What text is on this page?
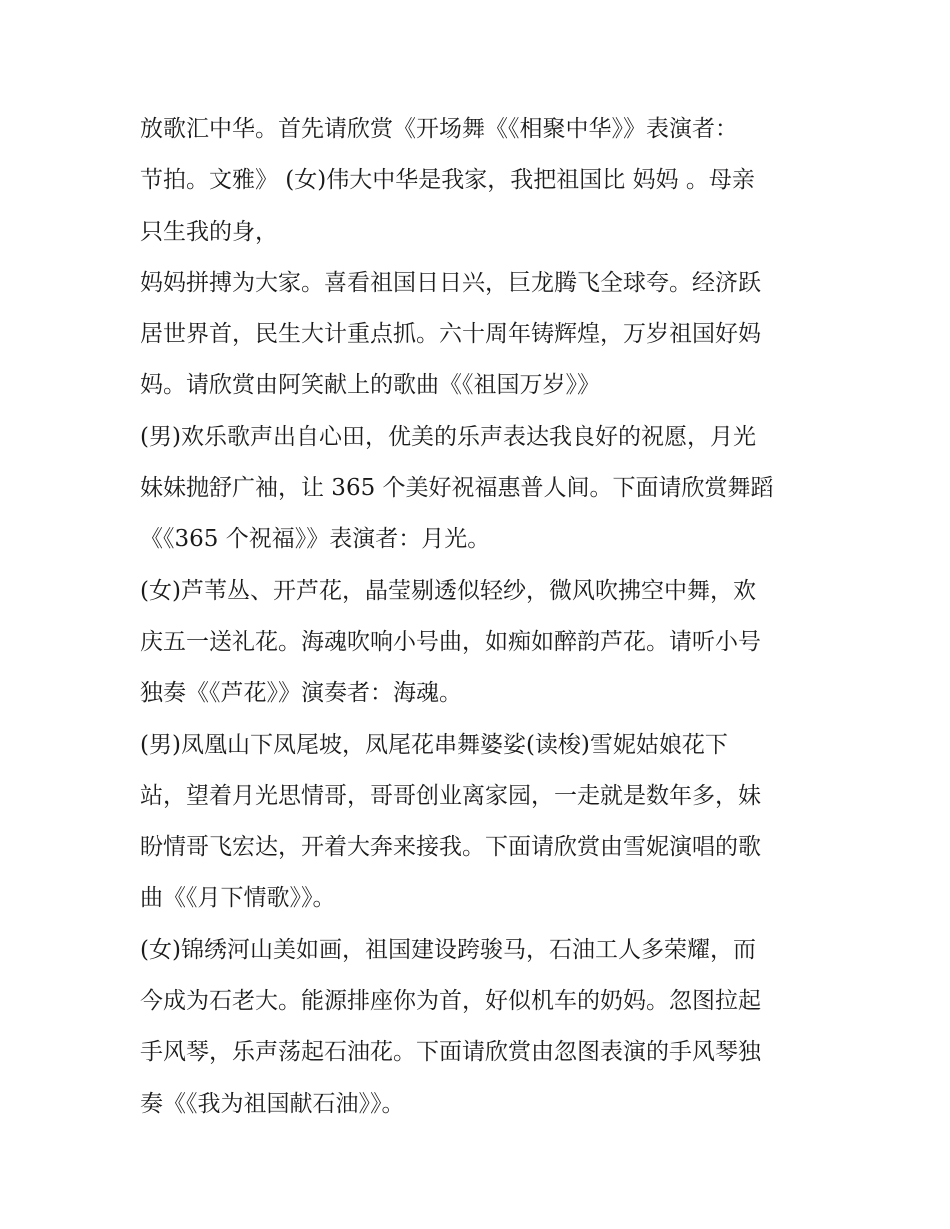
放歌汇中华。首先请欣赏《开场舞《《相聚中华》》表演者：
节拍。文雅》 (女)伟大中华是我家，我把祖国比 妈妈 。母亲
只生我的身，
妈妈拼搏为大家。喜看祖国日日兴，巨龙腾飞全球夸。经济跃
居世界首，民生大计重点抓。六十周年铸辉煌，万岁祖国好妈
妈。请欣赏由阿笑献上的歌曲《《祖国万岁》》
(男)欢乐歌声出自心田，优美的乐声表达我良好的祝愿，月光
妹妹抛舒广袖，让 365 个美好祝福惠普人间。下面请欣赏舞蹈
《《365 个祝福》》表演者：月光。
(女)芦苇丛、开芦花，晶莹剔透似轻纱，微风吹拂空中舞，欢
庆五一送礼花。海魂吹响小号曲，如痴如醉韵芦花。请听小号
独奏《《芦花》》演奏者：海魂。
(男)凤凰山下凤尾坡，凤尾花串舞婆娑(读梭)雪妮姑娘花下
站，望着月光思情哥，哥哥创业离家园，一走就是数年多，妹
盼情哥飞宏达，开着大奔来接我。下面请欣赏由雪妮演唱的歌
曲《《月下情歌》》。
(女)锦绣河山美如画，祖国建设跨骏马，石油工人多荣耀，而
今成为石老大。能源排座你为首，好似机车的奶妈。忽图拉起
手风琴，乐声荡起石油花。下面请欣赏由忽图表演的手风琴独
奏《《我为祖国献石油》》。
